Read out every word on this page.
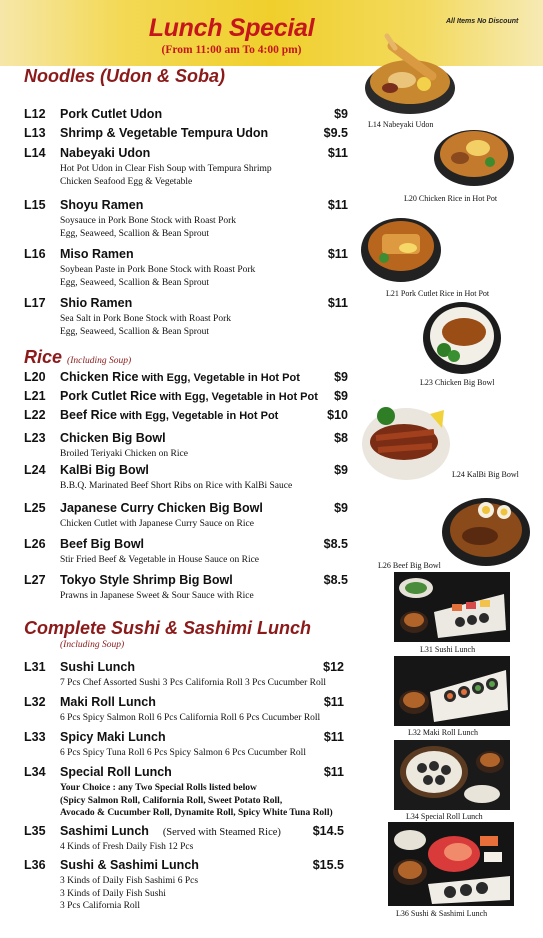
Lunch Special
(From 11:00 am To 4:00 pm)
All Items No Discount
Noodles (Udon & Soba)
L12 Pork Cutlet Udon	$9
L13 Shrimp & Vegetable Tempura Udon	$9.5
L14 Nabeyaki Udon	$11
Hot Pot Udon in Clear Fish Soup with Tempura Shrimp
Chicken Seafood Egg & Vegetable
L15 Shoyu Ramen	$11
Soysauce in Pork Bone Stock with Roast Pork
Egg, Seaweed, Scallion & Bean Sprout
L16 Miso Ramen	$11
Soybean Paste in Pork Bone Stock with Roast Pork
Egg, Seaweed, Scallion & Bean Sprout
L17 Shio Ramen	$11
Sea Salt in Pork Bone Stock with Roast Pork
Egg, Seaweed, Scallion & Bean Sprout
Rice (Including Soup)
L20 Chicken Rice with Egg, Vegetable in Hot Pot	$9
L21 Pork Cutlet Rice with Egg, Vegetable in Hot Pot $9
L22 Beef Rice with Egg, Vegetable in Hot Pot	$10
L23 Chicken Big Bowl	$8
Broiled Teriyaki Chicken on Rice
L24 KalBi Big Bowl	$9
B.B.Q. Marinated Beef Short Ribs on Rice with KalBi Sauce
L25 Japanese Curry Chicken Big Bowl	$9
Chicken Cutlet with Japanese Curry Sauce on Rice
L26 Beef Big Bowl	$8.5
Stir Fried Beef & Vegetable in House Sauce on Rice
L27 Tokyo Style Shrimp Big Bowl	$8.5
Prawns in Japanese Sweet & Sour Sauce with Rice
Complete Sushi & Sashimi Lunch
(Including Soup)
L31 Sushi Lunch	$12
7 Pcs Chef Assorted Sushi 3 Pcs California Roll 3 Pcs Cucumber Roll
L32 Maki Roll Lunch	$11
6 Pcs Spicy Salmon Roll 6 Pcs California Roll 6 Pcs Cucumber Roll
L33 Spicy Maki Lunch	$11
6 Pcs Spicy Tuna Roll 6 Pcs Spicy Salmon 6 Pcs Cucumber Roll
L34 Special Roll Lunch	$11
Your Choice : any Two Special Rolls listed below
(Spicy Salmon Roll, California Roll, Sweet Potato Roll,
Avocado & Cucumber Roll, Dynamite Roll, Spicy White Tuna Roll)
L35 Sashimi Lunch (Served with Steamed Rice)	$14.5
4 Kinds of Fresh Daily Fish 12 Pcs
L36 Sushi & Sashimi Lunch	$15.5
3 Kinds of Daily Fish Sashimi 6 Pcs
3 Kinds of Daily Fish Sushi
3 Pcs California Roll
L14 Nabeyaki Udon
L20 Chicken Rice in Hot Pot
L21 Pork Cutlet Rice in Hot Pot
L23 Chicken Big Bowl
L24 KalBi Big Bowl
L26 Beef Big Bowl
L31 Sushi Lunch
L32 Maki Roll Lunch
L34 Special Roll Lunch
L36 Sushi & Sashimi Lunch
